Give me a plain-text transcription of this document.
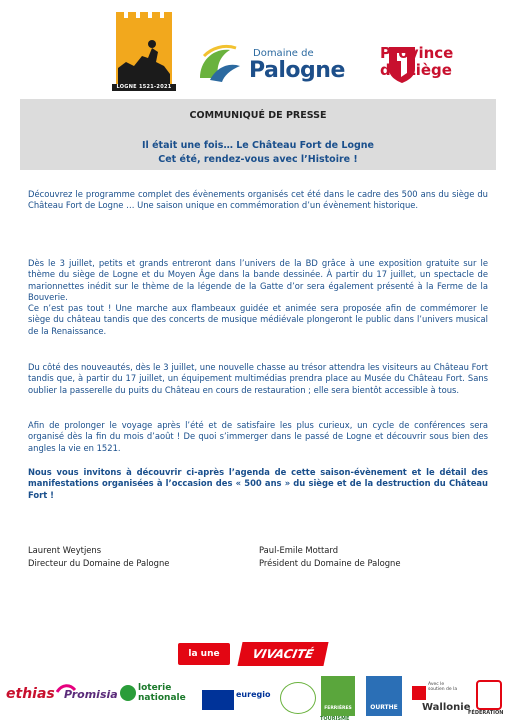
LOGNE 1521-2021
Domaine de
Palogne
Province
de Liège
COMMUNIQUÉ DE PRESSE
Il était une fois… Le Château Fort de Logne
Cet été, rendez-vous avec l’Histoire !

Découvrez le programme complet des évènements organisés cet été dans le cadre des 500 ans du siège du Château Fort de Logne … Une saison unique en commémoration d’un évènement historique.

Dès le 3 juillet, petits et grands entreront dans l’univers de la BD grâce à une exposition gratuite sur le thème du siège de Logne et du Moyen Âge dans la bande dessinée. À partir du 17 juillet, un spectacle de marionnettes inédit sur le thème de la légende de la Gatte d’or sera également présenté à la Ferme de la Bouverie.

Ce n’est pas tout ! Une marche aux flambeaux guidée et animée sera proposée afin de commémorer le siège du château tandis que des concerts de musique médiévale plongeront le public dans l’univers musical de la Renaissance.

Du côté des nouveautés, dès le 3 juillet, une nouvelle chasse au trésor attendra les visiteurs au Château Fort tandis que, à partir du 17 juillet, un équipement multimédias prendra place au Musée du Château Fort. Sans oublier la passerelle du puits du Château en cours de restauration ; elle sera bientôt accessible à tous.

Afin de prolonger le voyage après l’été et de satisfaire les plus curieux, un cycle de conférences sera organisé dès la fin du mois d’août ! De quoi s’immerger dans le passé de Logne et découvrir sous bien des angles la vie en 1521.

Nous vous invitons à découvrir ci-après l’agenda de cette saison-évènement et le détail des manifestations organisées à l’occasion des « 500 ans » du siège et de la destruction du Château Fort !

Laurent Weytjens
Directeur du Domaine de Palogne
Paul-Emile Mottard
Président du Domaine de Palogne
la une	VIVACITÉ
ethias Promisia loterie
nationale	euregio
FERRIÈRES
TOURISME
OURTHE
Avec le soutien de la
Wallonie
FÉDÉRATION
